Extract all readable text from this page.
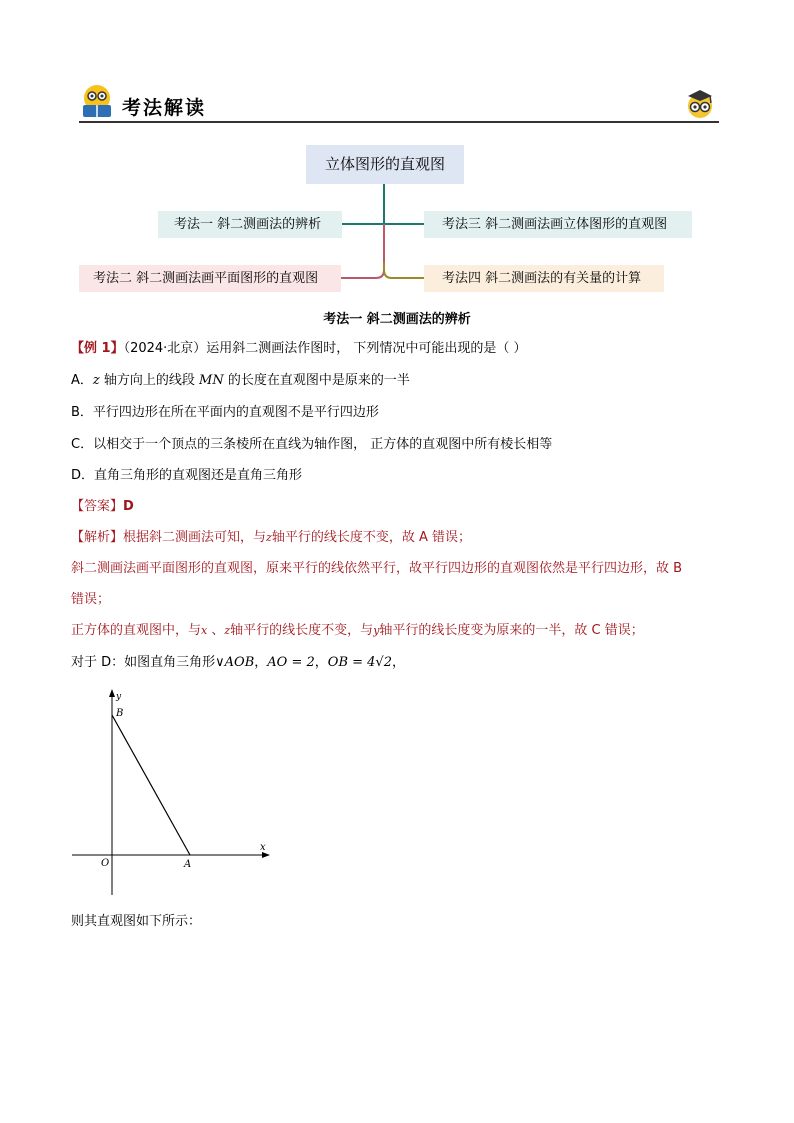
考法解读
立体图形的直观图
考法一 斜二测画法的辨析	考法三 斜二测画法画立体图形的直观图
考法二 斜二测画法画平面图形的直观图	考法四 斜二测画法的有关量的计算
考法一 斜二测画法的辨析
【例 1】（2024·北京）运用斜二测画法作图时， 下列情况中可能出现的是（ ）
A．z 轴方向上的线段 MN 的长度在直观图中是原来的一半
B．平行四边形在所在平面内的直观图不是平行四边形
C．以相交于一个顶点的三条棱所在直线为轴作图， 正方体的直观图中所有棱长相等
D．直角三角形的直观图还是直角三角形
【答案】D
【解析】根据斜二测画法可知，与z轴平行的线长度不变，故 A 错误；
斜二测画法画平面图形的直观图，原来平行的线依然平行，故平行四边形的直观图依然是平行四边形，故 B
错误；
正方体的直观图中，与x 、z轴平行的线长度不变，与y轴平行的线长度变为原来的一半，故 C 错误；
对于 D：如图直角三角形∨AOB，AO = 2，OB = 4√2，
y
B
O	A
x
则其直观图如下所示：
